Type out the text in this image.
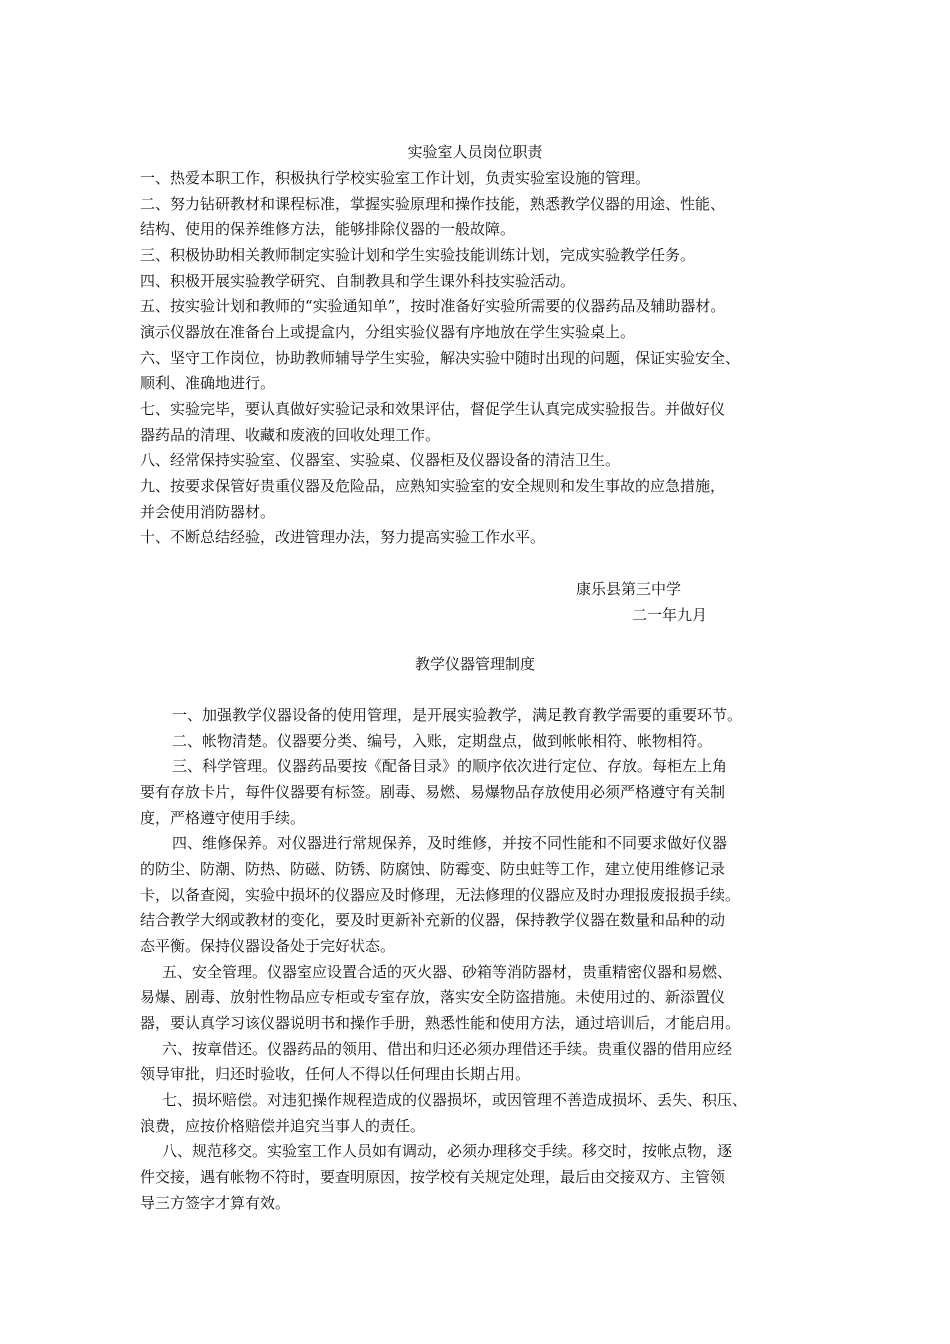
实验室人员岗位职责
一、热爱本职工作，积极执行学校实验室工作计划，负责实验室设施的管理。
二、努力钻研教材和课程标准，掌握实验原理和操作技能，熟悉教学仪器的用途、性能、
结构、使用的保养维修方法，能够排除仪器的一般故障。
三、积极协助相关教师制定实验计划和学生实验技能训练计划，完成实验教学任务。
四、积极开展实验教学研究、自制教具和学生课外科技实验活动。
五、按实验计划和教师的“实验通知单”，按时准备好实验所需要的仪器药品及辅助器材。
演示仪器放在准备台上或提盒内，分组实验仪器有序地放在学生实验桌上。
六、坚守工作岗位，协助教师辅导学生实验，解决实验中随时出现的问题，保证实验安全、
顺利、准确地进行。
七、实验完毕，要认真做好实验记录和效果评估，督促学生认真完成实验报告。并做好仪
器药品的清理、收藏和废液的回收处理工作。
八、经常保持实验室、仪器室、实验桌、仪器柜及仪器设备的清洁卫生。
九、按要求保管好贵重仪器及危险品，应熟知实验室的安全规则和发生事故的应急措施，
并会使用消防器材。
十、不断总结经验，改进管理办法，努力提高实验工作水平。
康乐县第三中学
二一年九月
教学仪器管理制度
一、加强教学仪器设备的使用管理，是开展实验教学，满足教育教学需要的重要环节。
二、帐物清楚。仪器要分类、编号，入账，定期盘点，做到帐帐相符、帐物相符。
三、科学管理。仪器药品要按《配备目录》的顺序依次进行定位、存放。每柜左上角
要有存放卡片，每件仪器要有标签。剧毒、易燃、易爆物品存放使用必须严格遵守有关制
度，严格遵守使用手续。
四、维修保养。对仪器进行常规保养，及时维修，并按不同性能和不同要求做好仪器
的防尘、防潮、防热、防磁、防锈、防腐蚀、防霉变、防虫蛀等工作，建立使用维修记录
卡，以备查阅，实验中损坏的仪器应及时修理，无法修理的仪器应及时办理报废报损手续。
结合教学大纲或教材的变化，要及时更新补充新的仪器，保持教学仪器在数量和品种的动
态平衡。保持仪器设备处于完好状态。
五、安全管理。仪器室应设置合适的灭火器、砂箱等消防器材，贵重精密仪器和易燃、
易爆、剧毒、放射性物品应专柜或专室存放，落实安全防盗措施。未使用过的、新添置仪
器，要认真学习该仪器说明书和操作手册，熟悉性能和使用方法，通过培训后，才能启用。
六、按章借还。仪器药品的领用、借出和归还必须办理借还手续。贵重仪器的借用应经
领导审批，归还时验收，任何人不得以任何理由长期占用。
七、损坏赔偿。对违犯操作规程造成的仪器损坏，或因管理不善造成损坏、丢失、积压、
浪费，应按价格赔偿并追究当事人的责任。
八、规范移交。实验室工作人员如有调动，必须办理移交手续。移交时，按帐点物，逐
件交接，遇有帐物不符时，要查明原因，按学校有关规定处理，最后由交接双方、主管领
导三方签字才算有效。
